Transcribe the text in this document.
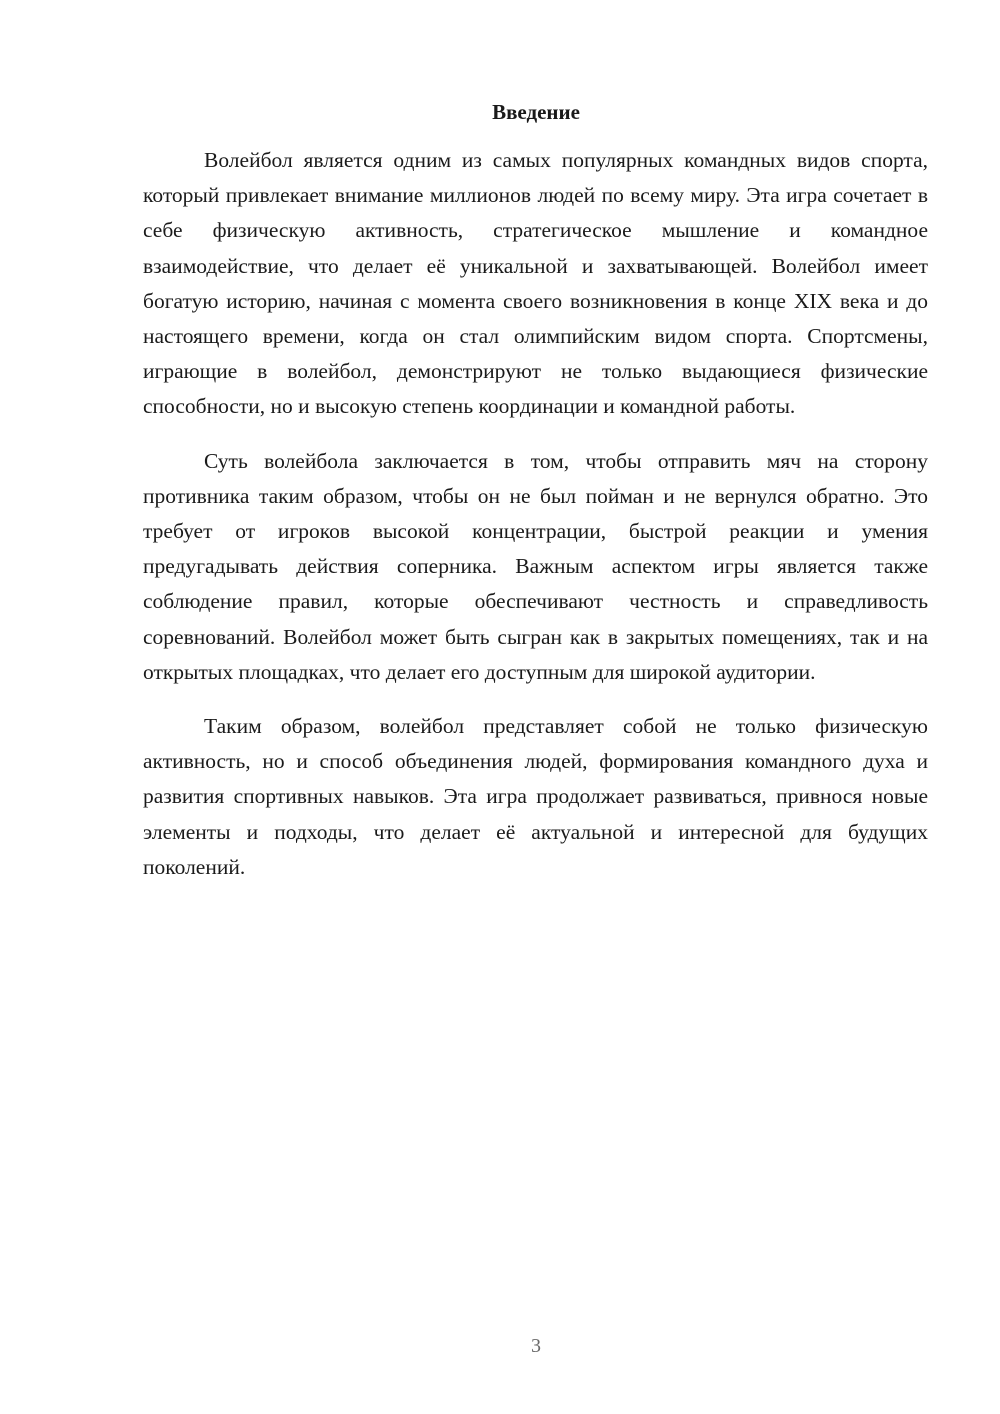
Введение

Волейбол является одним из самых популярных командных видов спорта, который привлекает внимание миллионов людей по всему миру. Эта игра сочетает в себе физическую активность, стратегическое мышление и командное взаимодействие, что делает её уникальной и захватывающей. Волейбол имеет богатую историю, начиная с момента своего возникновения в конце XIX века и до настоящего времени, когда он стал олимпийским видом спорта. Спортсмены, играющие в волейбол, демонстрируют не только выдающиеся физические способности, но и высокую степень координации и командной работы.

Суть волейбола заключается в том, чтобы отправить мяч на сторону противника таким образом, чтобы он не был пойман и не вернулся обратно. Это требует от игроков высокой концентрации, быстрой реакции и умения предугадывать действия соперника. Важным аспектом игры является также соблюдение правил, которые обеспечивают честность и справедливость соревнований. Волейбол может быть сыгран как в закрытых помещениях, так и на открытых площадках, что делает его доступным для широкой аудитории.

Таким образом, волейбол представляет собой не только физическую активность, но и способ объединения людей, формирования командного духа и развития спортивных навыков. Эта игра продолжает развиваться, привнося новые элементы и подходы, что делает её актуальной и интересной для будущих поколений.

3
